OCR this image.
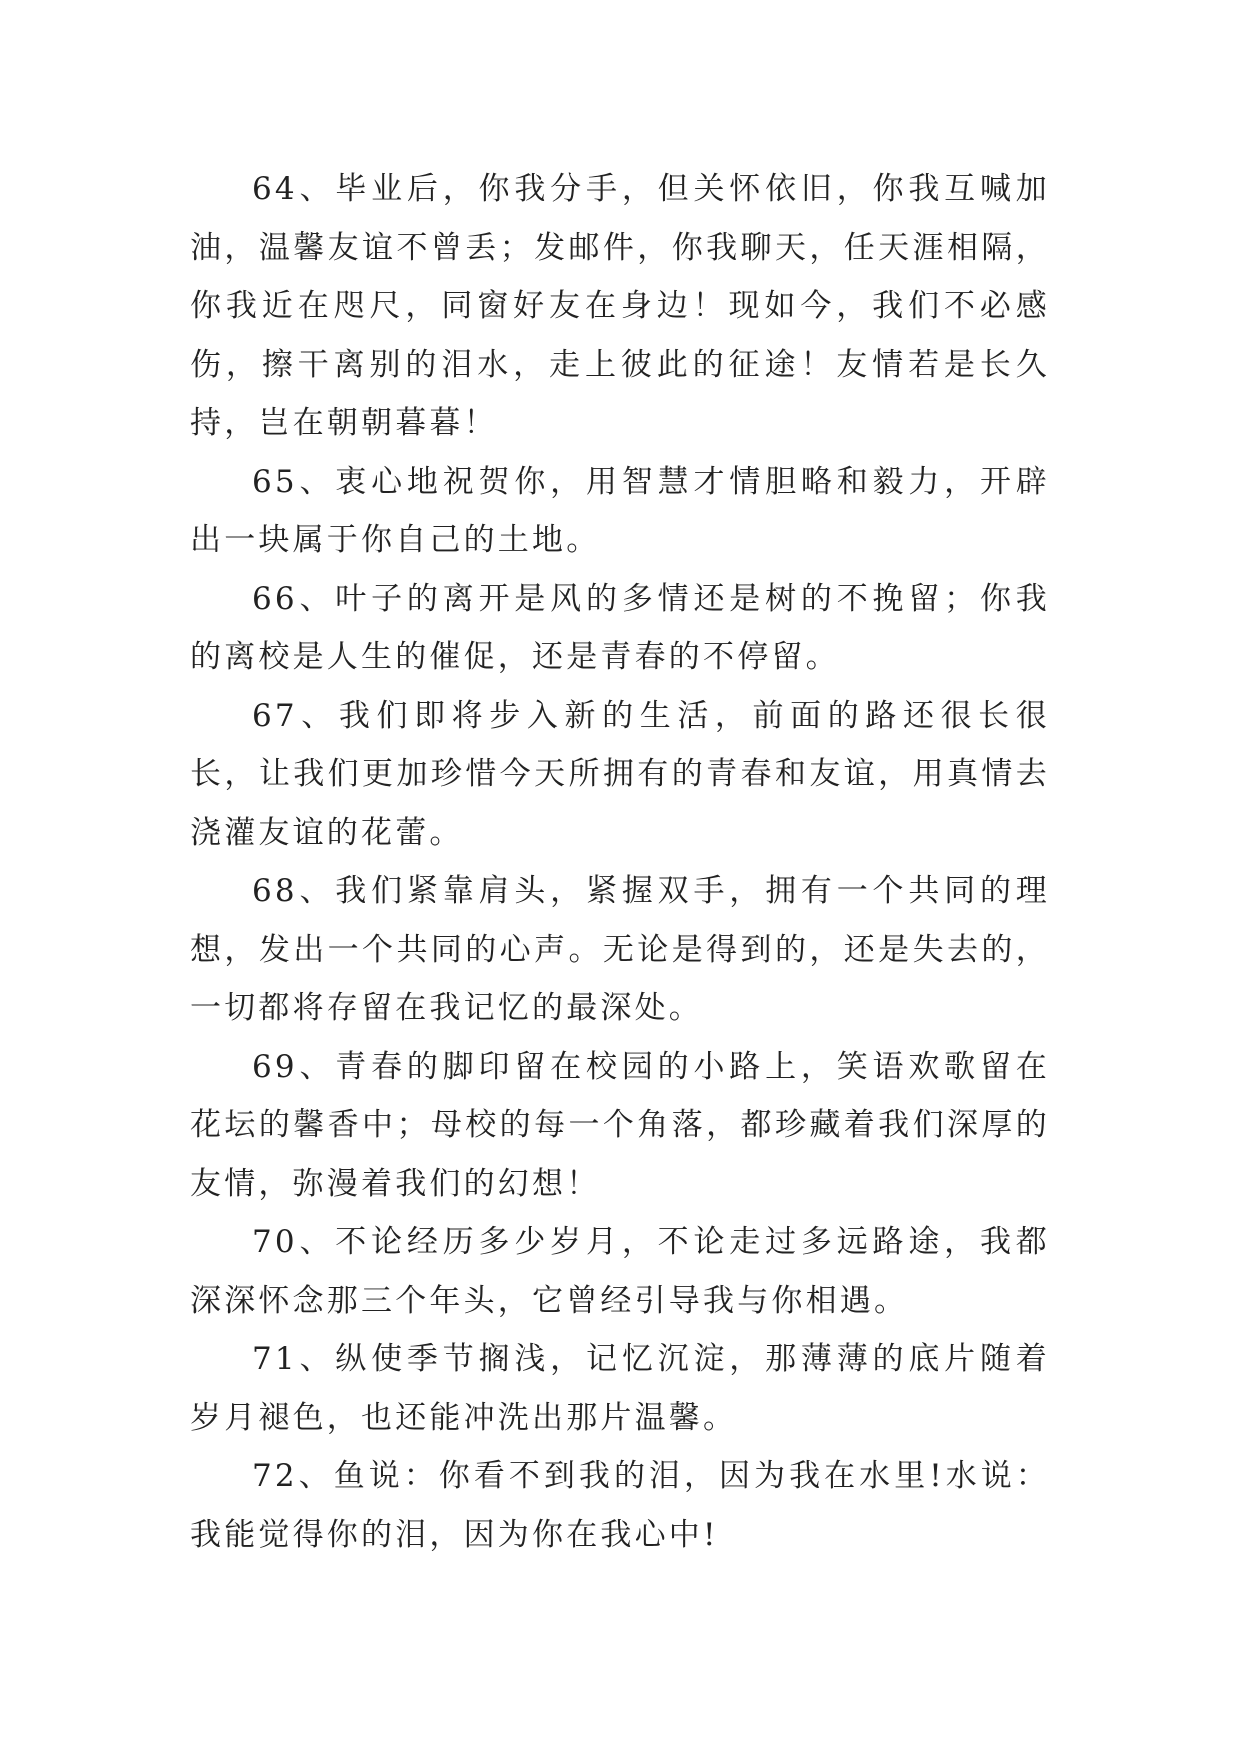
64、毕业后，你我分手，但关怀依旧，你我互喊加油，温馨友谊不曾丢；发邮件，你我聊天，任天涯相隔，你我近在咫尺，同窗好友在身边！现如今，我们不必感伤，擦干离别的泪水，走上彼此的征途！友情若是长久持，岂在朝朝暮暮！

65、衷心地祝贺你，用智慧才情胆略和毅力，开辟出一块属于你自己的土地。

66、叶子的离开是风的多情还是树的不挽留；你我的离校是人生的催促，还是青春的不停留。

67、我们即将步入新的生活，前面的路还很长很长，让我们更加珍惜今天所拥有的青春和友谊，用真情去浇灌友谊的花蕾。

68、我们紧靠肩头，紧握双手，拥有一个共同的理想，发出一个共同的心声。无论是得到的，还是失去的，一切都将存留在我记忆的最深处。

69、青春的脚印留在校园的小路上，笑语欢歌留在花坛的馨香中；母校的每一个角落，都珍藏着我们深厚的友情，弥漫着我们的幻想！

70、不论经历多少岁月，不论走过多远路途，我都深深怀念那三个年头，它曾经引导我与你相遇。

71、纵使季节搁浅，记忆沉淀，那薄薄的底片随着岁月褪色，也还能冲洗出那片温馨。

72、鱼说：你看不到我的泪，因为我在水里!水说：我能觉得你的泪，因为你在我心中!
